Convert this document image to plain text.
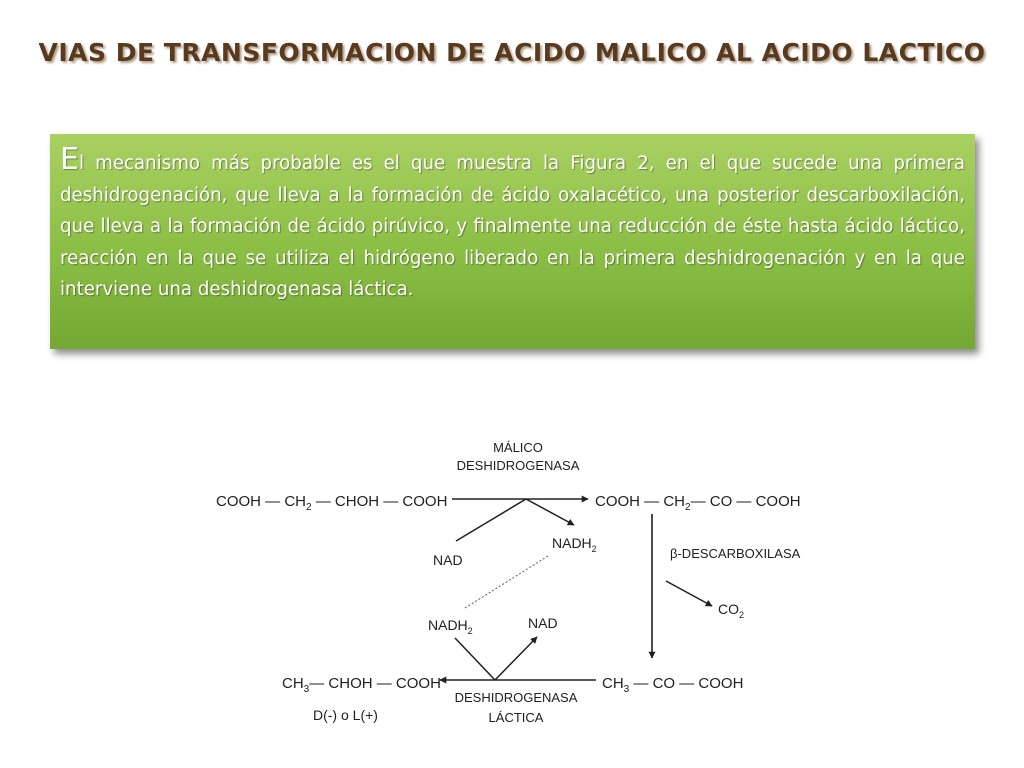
VIAS DE TRANSFORMACION DE ACIDO MALICO AL ACIDO LACTICO
El mecanismo más probable es el que muestra la Figura 2, en el que sucede una primera deshidrogenación, que lleva a la formación de ácido oxalacético, una posterior descarboxilación, que lleva a la formación de ácido pirúvico, y finalmente una reducción de éste hasta ácido láctico, reacción en la que se utiliza el hidrógeno liberado en la primera deshidrogenación y en la que interviene una deshidrogenasa láctica.
COOH — $CH_2$ — CHOH — COOH
MÁLICO
DESHIDROGENASA
COOH — $CH_2—$ CO — COOH
NAD
$NADH_2$	β-DESCARBOXILASA
$CO_2$
$NADH_2$	NAD
$CH_3—$ CHOH — COOH	$CH_3$ — CO — COOH
DESHIDROGENASA
LÁCTICA
D(-) o L(+)
